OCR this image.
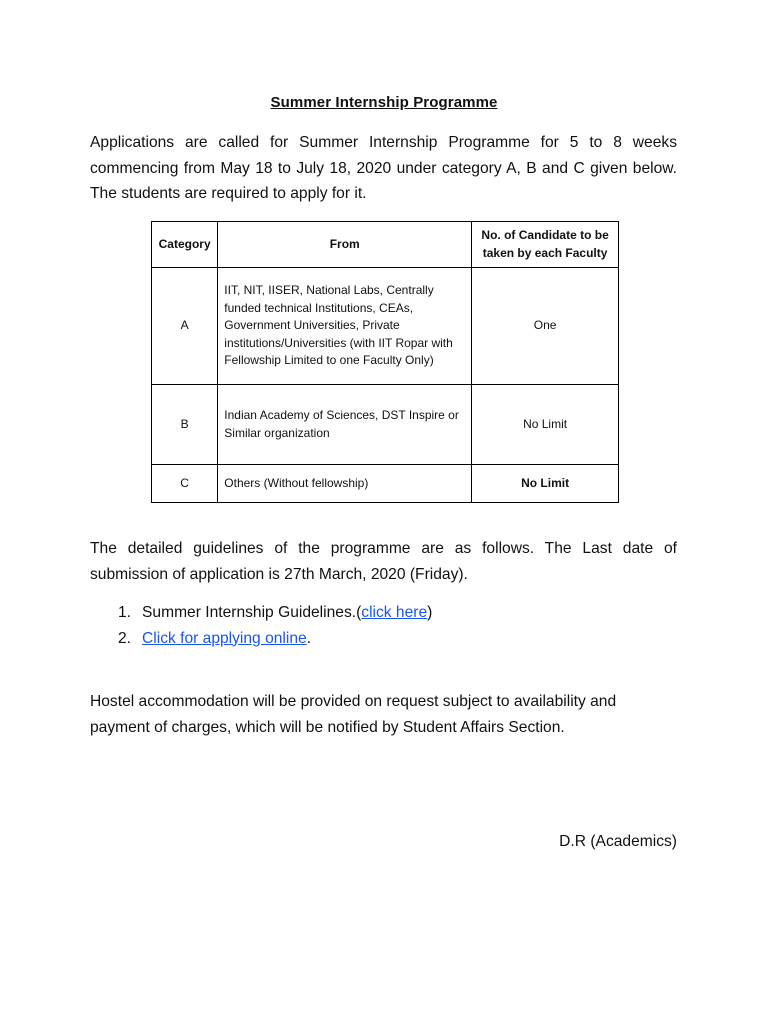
Summer Internship Programme
Applications are called for Summer Internship Programme for 5 to 8 weeks
commencing from May 18 to July 18, 2020 under category A, B and C given below.
The students are required to apply for it.
Category	From	No. of Candidate to be taken by each Faculty
A	IIT, NIT, IISER, National Labs, Centrally funded technical Institutions, CEAs, Government Universities, Private institutions/Universities (with IIT Ropar with Fellowship Limited to one Faculty Only)	One
B	Indian Academy of Sciences, DST Inspire or Similar organization	No Limit
C	Others (Without fellowship)	No Limit
The detailed guidelines of the programme are as follows. The Last date of
submission of application is 27th March, 2020 (Friday).
1. Summer Internship Guidelines.(click here)
2. Click for applying online.
Hostel accommodation will be provided on request subject to availability and
payment of charges, which will be notified by Student Affairs Section.
D.R (Academics)
